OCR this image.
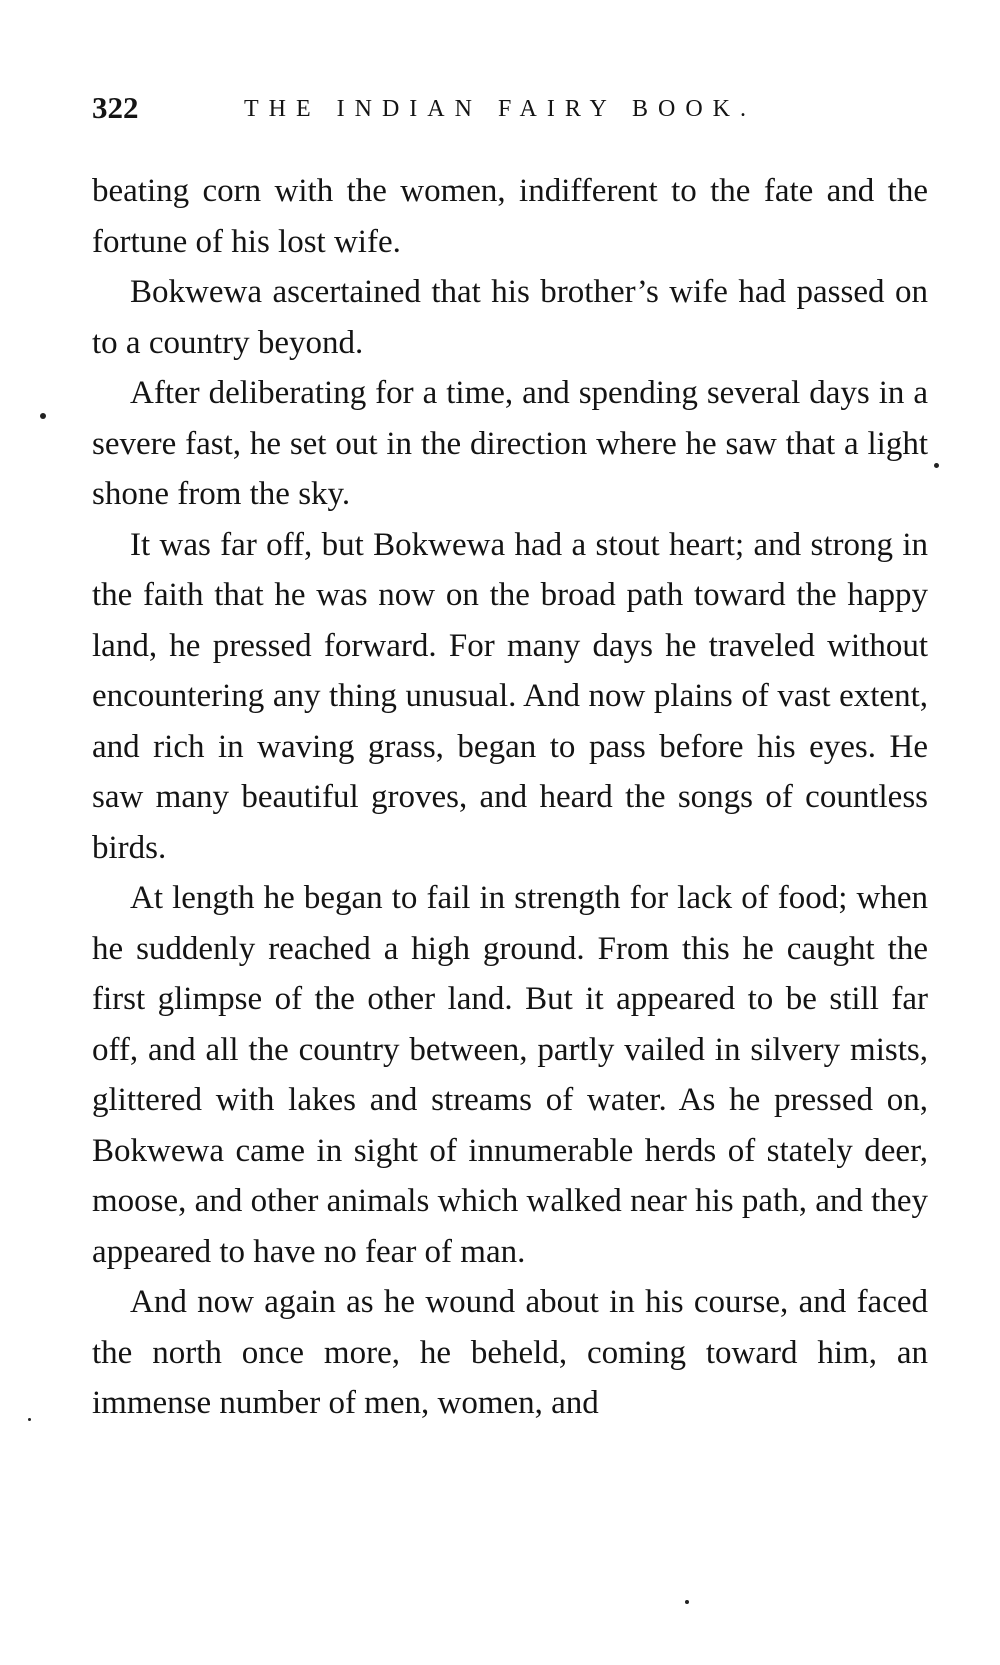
322	THE INDIAN FAIRY BOOK.

beating corn with the women, indifferent to the fate and the fortune of his lost wife.

Bokwewa ascertained that his brother’s wife had passed on to a country beyond.

After deliberating for a time, and spending several days in a severe fast, he set out in the direction where he saw that a light shone from the sky.

It was far off, but Bokwewa had a stout heart; and strong in the faith that he was now on the broad path toward the happy land, he pressed forward. For many days he traveled without encountering any thing unusual. And now plains of vast extent, and rich in waving grass, began to pass before his eyes. He saw many beautiful groves, and heard the songs of countless birds.

At length he began to fail in strength for lack of food; when he suddenly reached a high ground. From this he caught the first glimpse of the other land. But it appeared to be still far off, and all the country between, partly vailed in silvery mists, glittered with lakes and streams of water. As he pressed on, Bokwewa came in sight of innumerable herds of stately deer, moose, and other animals which walked near his path, and they appeared to have no fear of man.

And now again as he wound about in his course, and faced the north once more, he beheld, coming toward him, an immense number of men, women, and
